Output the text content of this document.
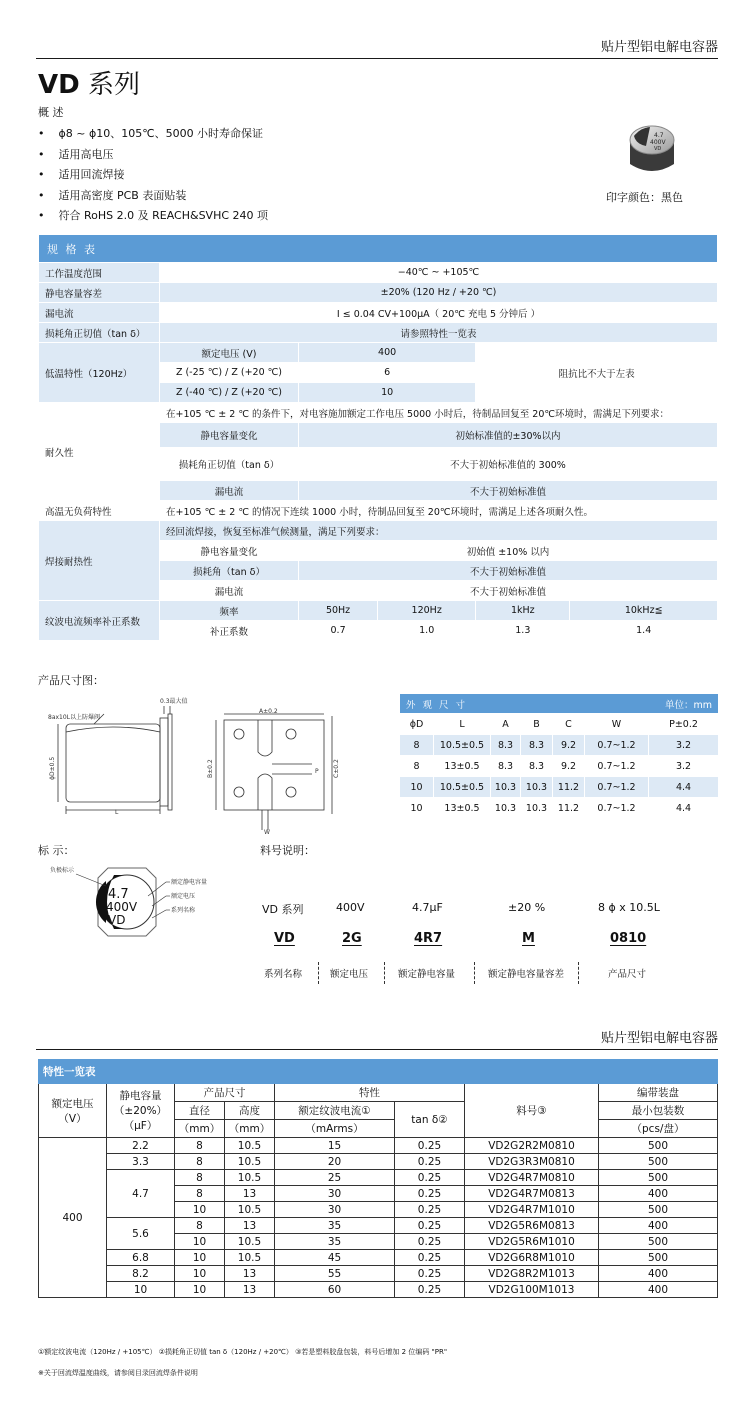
贴片型铝电解电容器
VD 系列
概 述
• ϕ8 ~ ϕ10、105℃、5000 小时寿命保证
• 适用高电压
• 适用回流焊接
• 适用高密度 PCB 表面贴装
• 符合 RoHS 2.0 及 REACH&SVHC 240 项
4.7
400V
VD
印字颜色：黑色
规 格 表					
工作温度范围	−40℃ ~ +105℃				
静电容量容差	±20% (120 Hz / +20 ℃)				
漏电流	I ≤ 0.04 CV+100μA（ 20℃ 充电 5 分钟后 ）				
损耗角正切值（tan δ）	请参照特性一览表				
低温特性（120Hz）	额定电压 (V)	400		阻抗比不大于左表	
	Z (-25 ℃) / Z (+20 ℃)	6			
	Z (-40 ℃) / Z (+20 ℃)	10			
耐久性	在+105 ℃ ± 2 ℃ 的条件下，对电容施加额定工作电压 5000 小时后，待制品回复至 20℃环境时，需满足下列要求：				
	静电容量变化	初始标准值的±30%以内			
	损耗角正切值（tan δ）	不大于初始标准值的 300%			
	漏电流	不大于初始标准值			
高温无负荷特性	在+105 ℃ ± 2 ℃ 的情况下连续 1000 小时，待制品回复至 20℃环境时，需满足上述各项耐久性。				
焊接耐热性	经回流焊接，恢复至标准气候测量，满足下列要求：				
	静电容量变化	初始值 ±10% 以内			
	损耗角（tan δ）	不大于初始标准值			
	漏电流	不大于初始标准值			
纹波电流频率补正系数	频率	50Hz	120Hz	1kHz	10kHz≦
	补正系数	0.7	1.0	1.3	1.4
产品尺寸图：
0.3最大值
8ax10L以上防爆阀
L
A±0.2
W
P
ϕD±0.5	B±0.2	C±0.2
单位：mm
外 观 尺 寸						
ϕD	L	A	B	C	W	P±0.2
8	10.5±0.5	8.3	8.3	9.2	0.7~1.2	3.2
8	13±0.5	8.3	8.3	9.2	0.7~1.2	3.2
10	10.5±0.5	10.3	10.3	11.2	0.7~1.2	4.4
10	13±0.5	10.3	10.3	11.2	0.7~1.2	4.4
标 示：
4.7
400V
VD
负极标示
额定静电容量
额定电压
系列名称
料号说明：
VD 系列	400V	4.7μF	±20 %	8 ϕ x 10.5L
VD	2G	4R7	M	0810
系列名称	额定电压	额定静电容量	额定静电容量容差	产品尺寸
贴片型铝电解电容器
特性一览表							
额定电压
（V）	静电容量
（±20%）
（μF）	产品尺寸		特性		料号③	编带装盘
		直径	高度	额定纹波电流①	tan δ②		最小包装数
		（mm）	（mm）	（mArms）			（pcs/盘）
400	2.2	8	10.5	15	0.25	VD2G2R2M0810	500
	3.3	8	10.5	20	0.25	VD2G3R3M0810	500
	4.7	8	10.5	25	0.25	VD2G4R7M0810	500
		8	13	30	0.25	VD2G4R7M0813	400
		10	10.5	30	0.25	VD2G4R7M1010	500
	5.6	8	13	35	0.25	VD2G5R6M0813	400
		10	10.5	35	0.25	VD2G5R6M1010	500
	6.8	10	10.5	45	0.25	VD2G6R8M1010	500
	8.2	10	13	55	0.25	VD2G8R2M1013	400
	10	10	13	60	0.25	VD2G100M1013	400
①额定纹波电流（120Hz / +105℃） ②损耗角正切值 tan δ（120Hz / +20℃） ③若是塑料胶盘包装，料号后增加 2 位编码 "PR"
※关于回流焊温度曲线，请参阅目录回流焊条件说明
